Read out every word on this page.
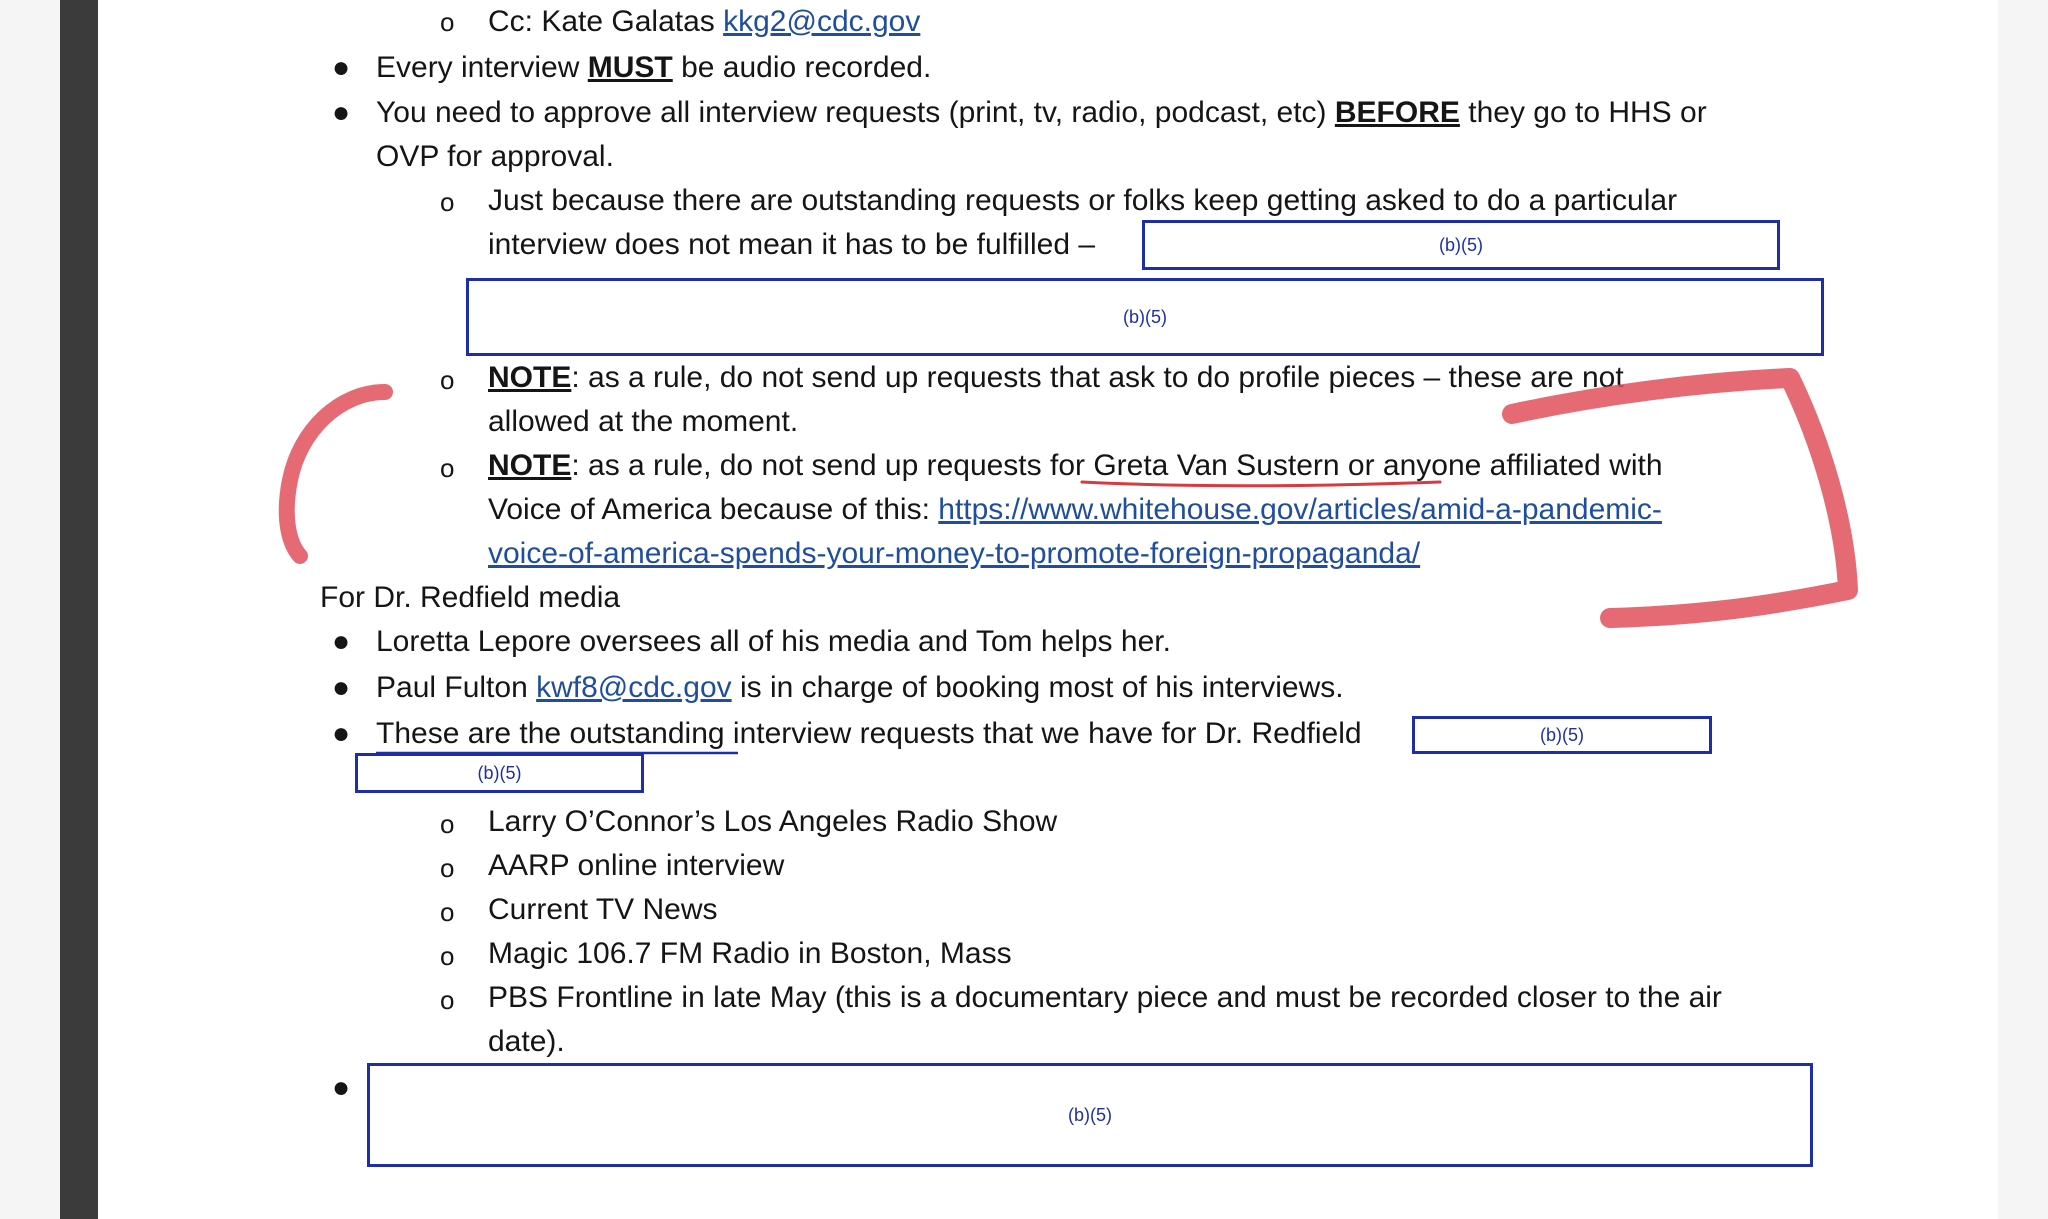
o Cc: Kate Galatas kkg2@cdc.gov
● Every interview MUST be audio recorded.
● You need to approve all interview requests (print, tv, radio, podcast, etc) BEFORE they go to HHS or
OVP for approval.
o Just because there are outstanding requests or folks keep getting asked to do a particular
interview does not mean it has to be fulfilled –	(b)(5)
(b)(5)
o NOTE: as a rule, do not send up requests that ask to do profile pieces – these are not
allowed at the moment.
o NOTE: as a rule, do not send up requests for Greta Van Sustern or anyone affiliated with
Voice of America because of this: https://www.whitehouse.gov/articles/amid-a-pandemic-
voice-of-america-spends-your-money-to-promote-foreign-propaganda/
For Dr. Redfield media
● Loretta Lepore oversees all of his media and Tom helps her.
● Paul Fulton kwf8@cdc.gov is in charge of booking most of his interviews.
● These are the outstanding interview requests that we have for Dr. Redfield	(b)(5)
(b)(5)
o Larry O’Connor’s Los Angeles Radio Show
o AARP online interview
o Current TV News
o Magic 106.7 FM Radio in Boston, Mass
o PBS Frontline in late May (this is a documentary piece and must be recorded closer to the air
date).
●
(b)(5)
